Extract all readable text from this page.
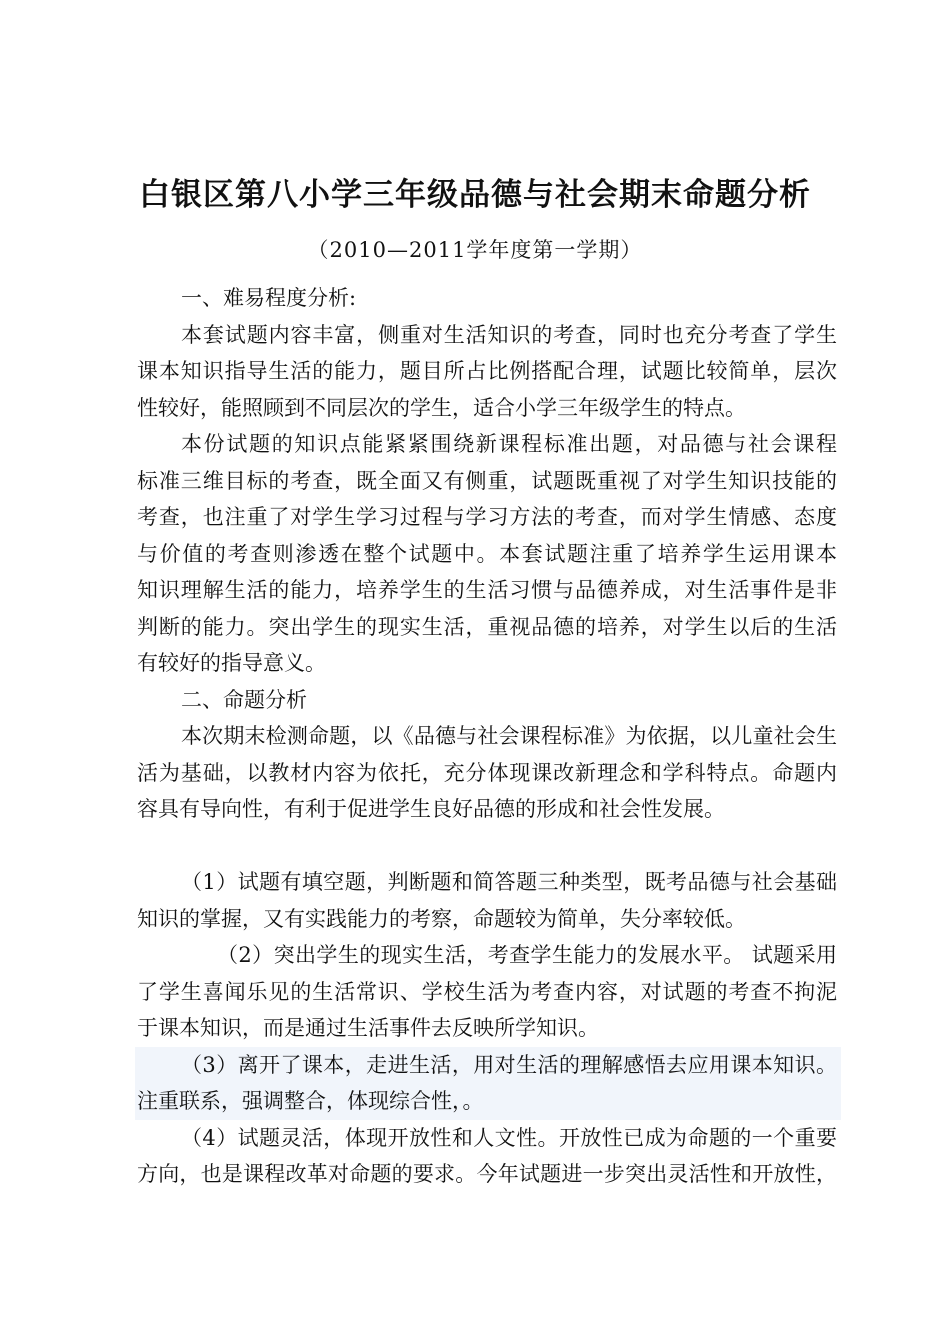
白银区第八小学三年级品德与社会期末命题分析
（2010—2011学年度第一学期）
一、难易程度分析:
本套试题内容丰富，侧重对生活知识的考查，同时也充分考查了学生
课本知识指导生活的能力，题目所占比例搭配合理，试题比较简单，层次
性较好，能照顾到不同层次的学生，适合小学三年级学生的特点。
本份试题的知识点能紧紧围绕新课程标准出题，对品德与社会课程
标准三维目标的考查，既全面又有侧重，试题既重视了对学生知识技能的
考查，也注重了对学生学习过程与学习方法的考查，而对学生情感、态度
与价值的考查则渗透在整个试题中。本套试题注重了培养学生运用课本
知识理解生活的能力，培养学生的生活习惯与品德养成，对生活事件是非
判断的能力。突出学生的现实生活，重视品德的培养，对学生以后的生活
有较好的指导意义。
二、命题分析
本次期末检测命题，以《品德与社会课程标准》为依据，以儿童社会生
活为基础，以教材内容为依托，充分体现课改新理念和学科特点。命题内
容具有导向性，有利于促进学生良好品德的形成和社会性发展。
（1）试题有填空题，判断题和简答题三种类型，既考品德与社会基础
知识的掌握，又有实践能力的考察，命题较为简单，失分率较低。
（2）突出学生的现实生活，考查学生能力的发展水平。 试题采用
了学生喜闻乐见的生活常识、学校生活为考查内容，对试题的考查不拘泥
于课本知识，而是通过生活事件去反映所学知识。
（3）离开了课本，走进生活，用对生活的理解感悟去应用课本知识。
注重联系，强调整合，体现综合性，。
（4）试题灵活，体现开放性和人文性。开放性已成为命题的一个重要
方向，也是课程改革对命题的要求。今年试题进一步突出灵活性和开放性，
